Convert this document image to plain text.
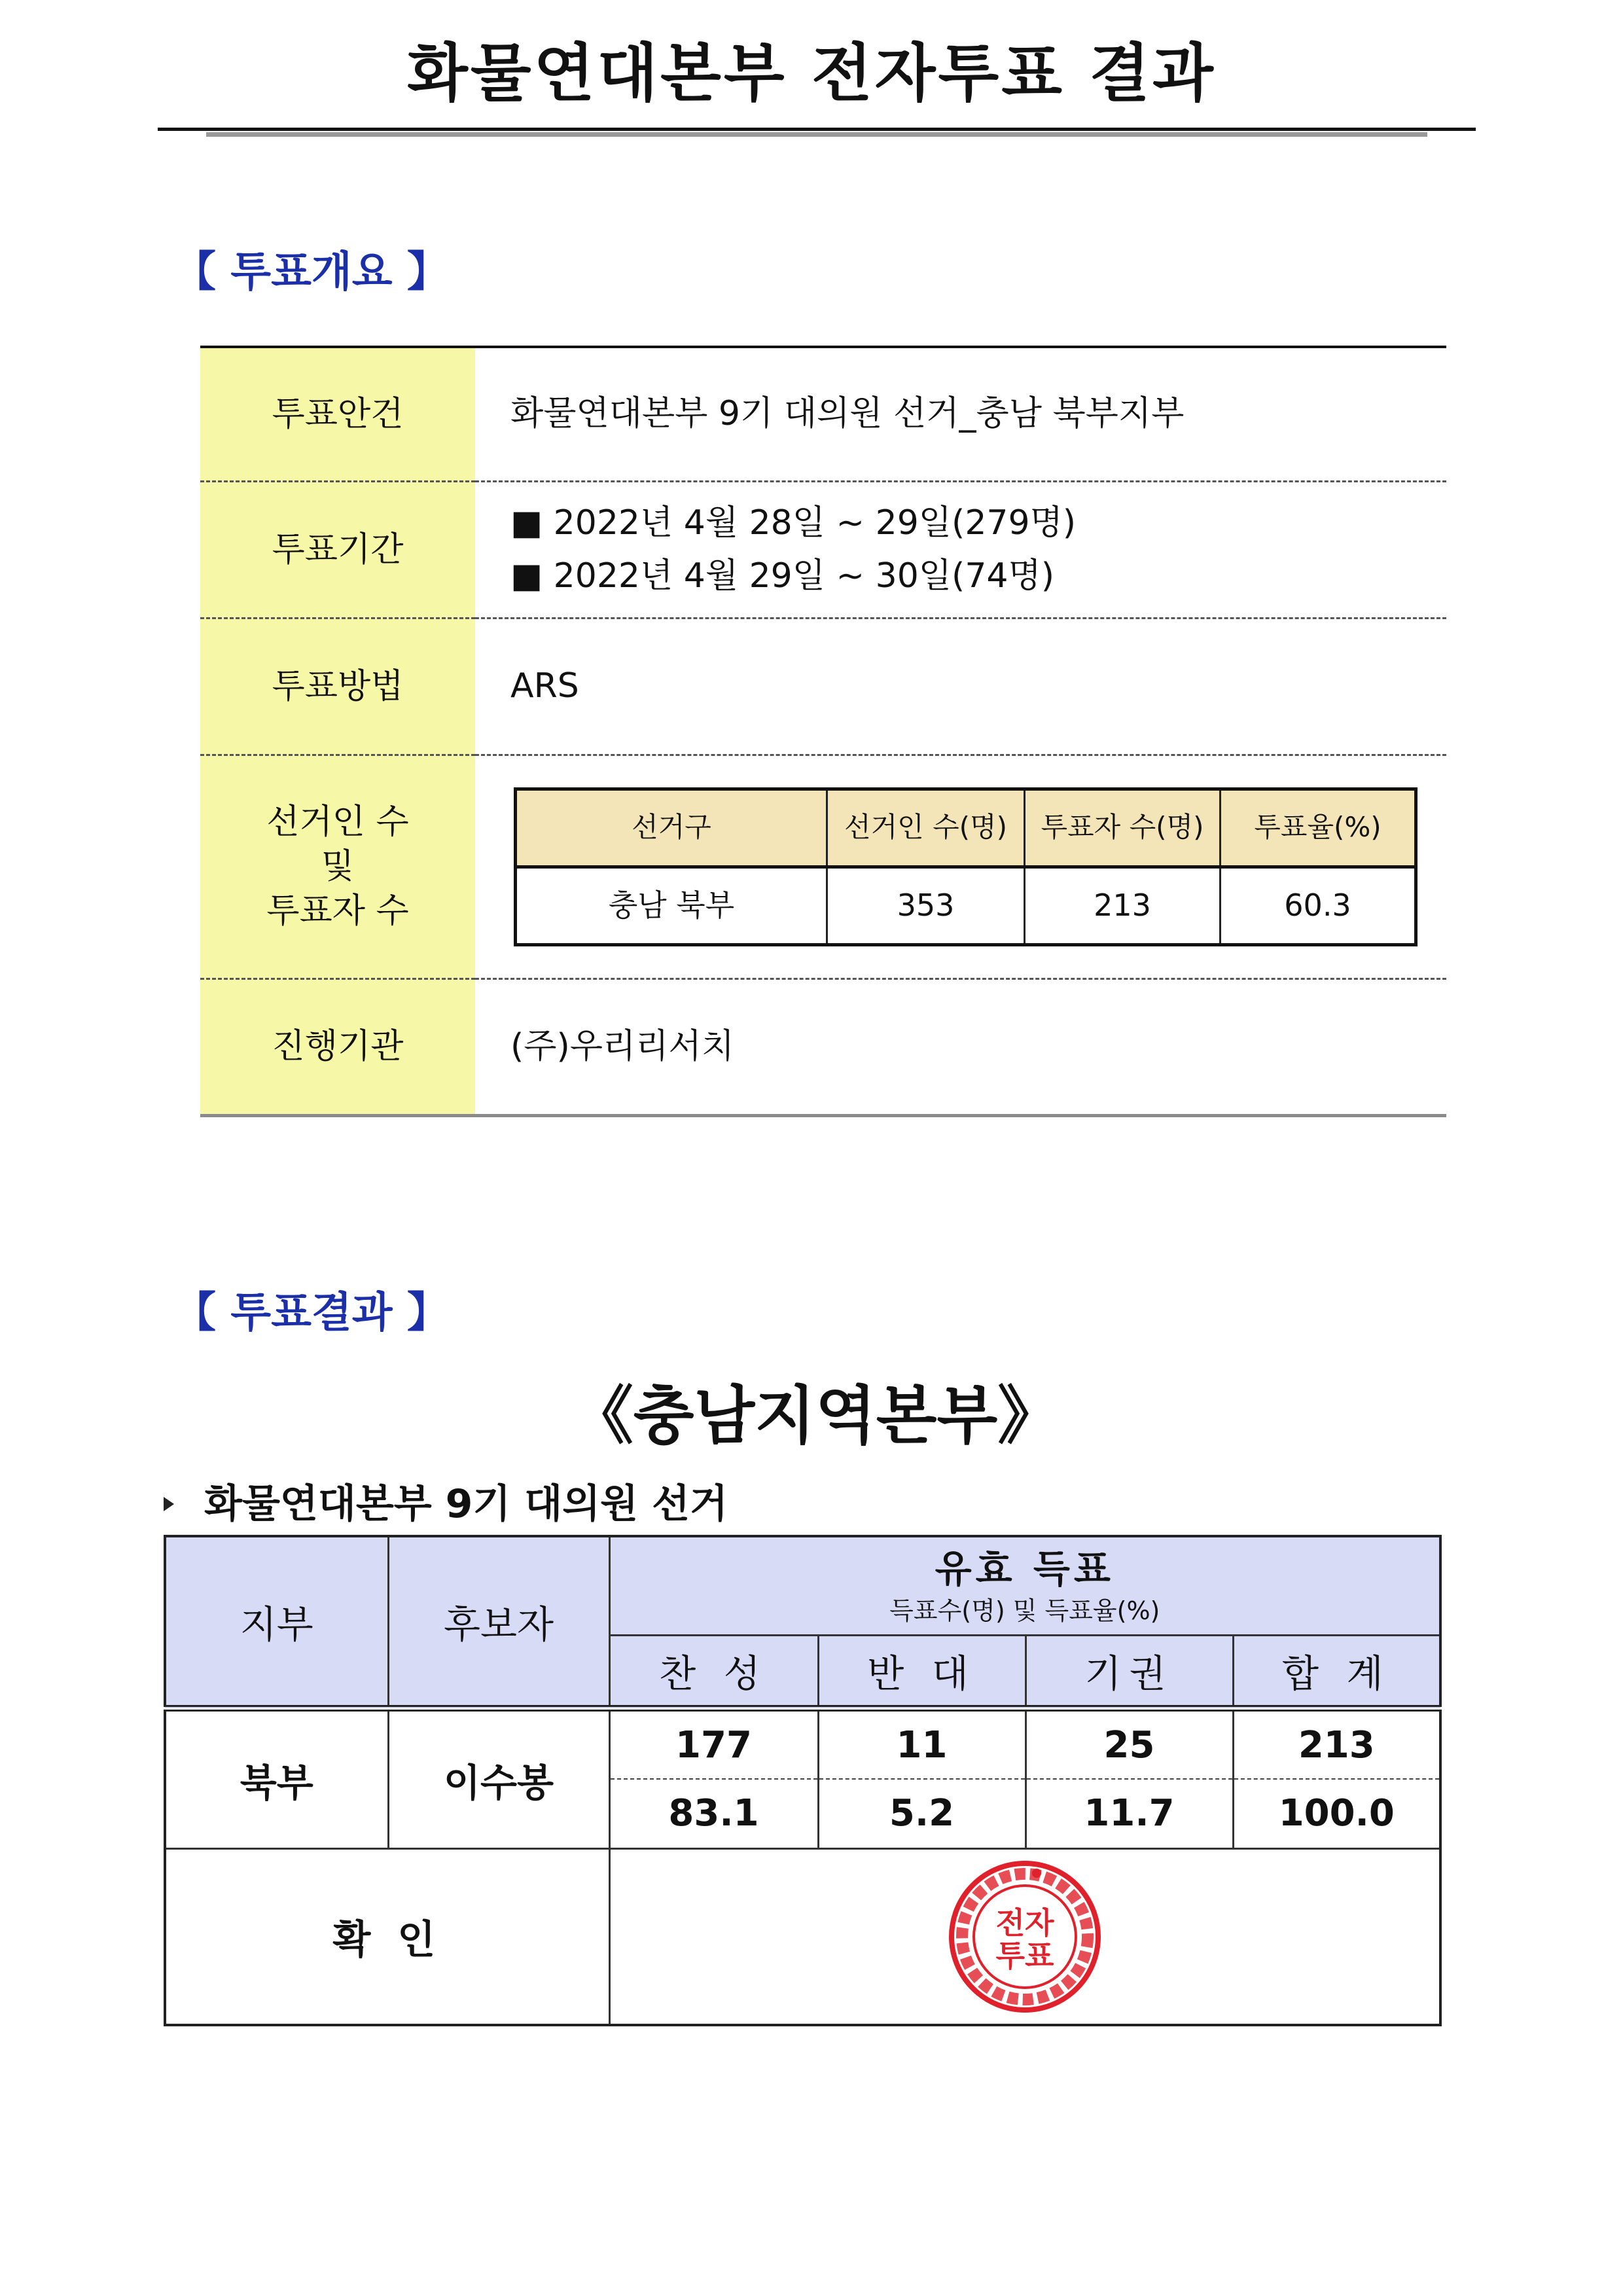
화물연대본부 전자투표 결과
【 투표개요 】
투표안건	화물연대본부 9기 대의원 선거_충남 북부지부
투표기간	
■ 2022년 4월 28일 ~ 29일(279명)
■ 2022년 4월 29일 ~ 30일(74명)

투표방법	ARS

선거인 수
및
투표자 수

선거구	선거인 수(명)	투표자 수(명)	투표율(%)
충남 북부	353	213	60.3

진행기관	(주)우리리서치
【 투표결과 】
《충남지역본부》
화물연대본부 9기 대의원 선거
지부	후보자	유효 득표
득표수(명) 및 득표율(%)			

		찬 성	반 대	기권	합 계
북부	이수봉	177	11	25	213
		83.1	5.2	11.7	100.0
확 인		전자
투표			
